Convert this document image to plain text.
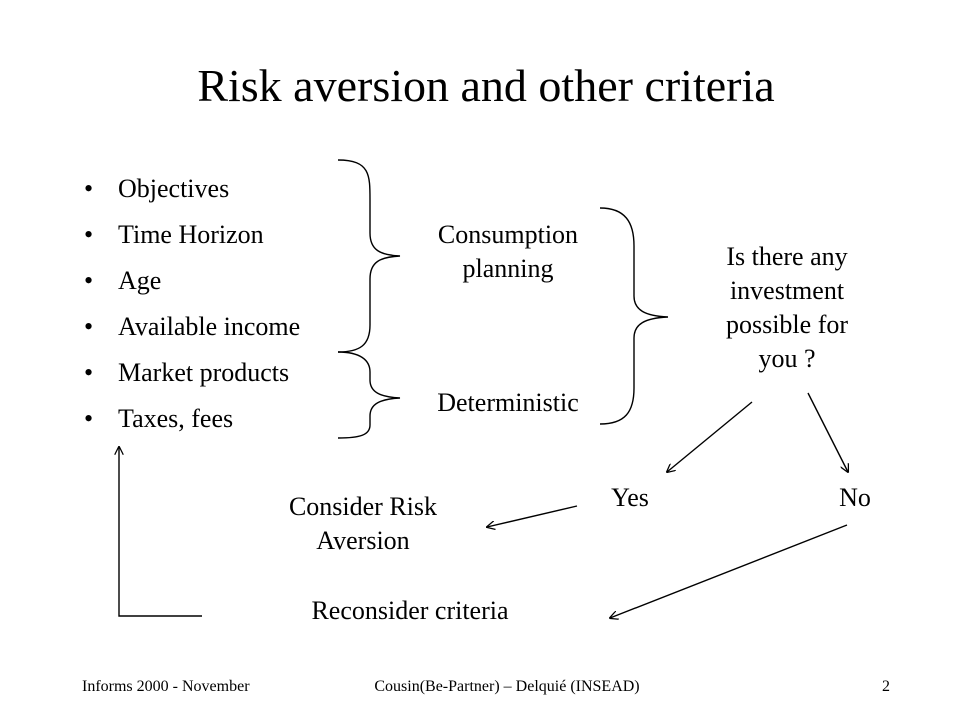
Risk aversion and other criteria
• Objectives
• Time Horizon
• Age
• Available income
• Market products
• Taxes, fees
Consumption
planning
Deterministic
Is there any
investment
possible for
you ?
Yes	No
Consider Risk
Aversion
Reconsider criteria
Informs 2000 - November	Cousin(Be-Partner) – Delquié (INSEAD)	2
